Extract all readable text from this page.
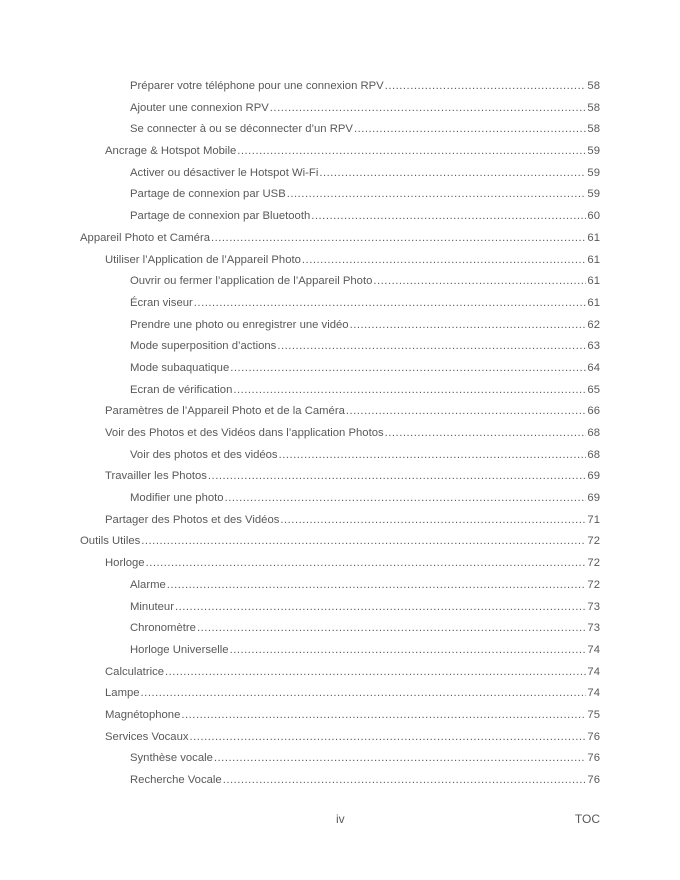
Préparer votre téléphone pour une connexion RPV .....	58
Ajouter une connexion RPV .....	58
Se connecter à ou se déconnecter d’un RPV .....	58
Ancrage & Hotspot Mobile .....	59
Activer ou désactiver le Hotspot Wi-Fi .....	59
Partage de connexion par USB .....	59
Partage de connexion par Bluetooth .....	60
Appareil Photo et Caméra .....	61
Utiliser l’Application de l’Appareil Photo .....	61
Ouvrir ou fermer l’application de l’Appareil Photo .....	61
Écran viseur .....	61
Prendre une photo ou enregistrer une vidéo .....	62
Mode superposition d’actions .....	63
Mode subaquatique .....	64
Ecran de vérification .....	65
Paramètres de l’Appareil Photo et de la Caméra .....	66
Voir des Photos et des Vidéos dans l’application Photos .....	68
Voir des photos et des vidéos .....	68
Travailler les Photos .....	69
Modifier une photo .....	69
Partager des Photos et des Vidéos .....	71
Outils Utiles .....	72
Horloge .....	72
Alarme .....	72
Minuteur .....	73
Chronomètre .....	73
Horloge Universelle .....	74
Calculatrice .....	74
Lampe .....	74
Magnétophone .....	75
Services Vocaux .....	76
Synthèse vocale .....	76
Recherche Vocale .....	76
iv	TOC
